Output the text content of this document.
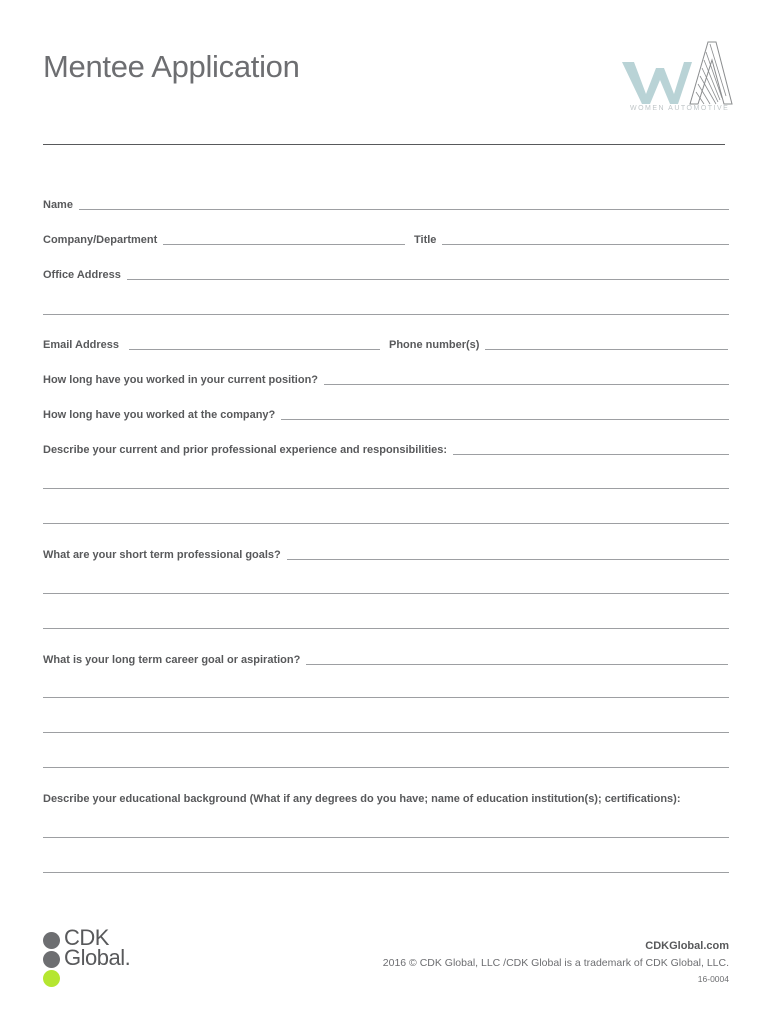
Mentee Application
WOMEN AUTOMOTIVE
Name
Company/Department	Title
Office Address
Email Address	Phone number(s)
How long have you worked in your current position?
How long have you worked at the company?
Describe your current and prior professional experience and responsibilities:
What are your short term professional goals?
What is your long term career goal or aspiration?
Describe your educational background (What if any degrees do you have; name of education institution(s); certifications):
CDK
Global.	CDKGlobal.com
2016 © CDK Global, LLC /CDK Global is a trademark of CDK Global, LLC.
16-0004
